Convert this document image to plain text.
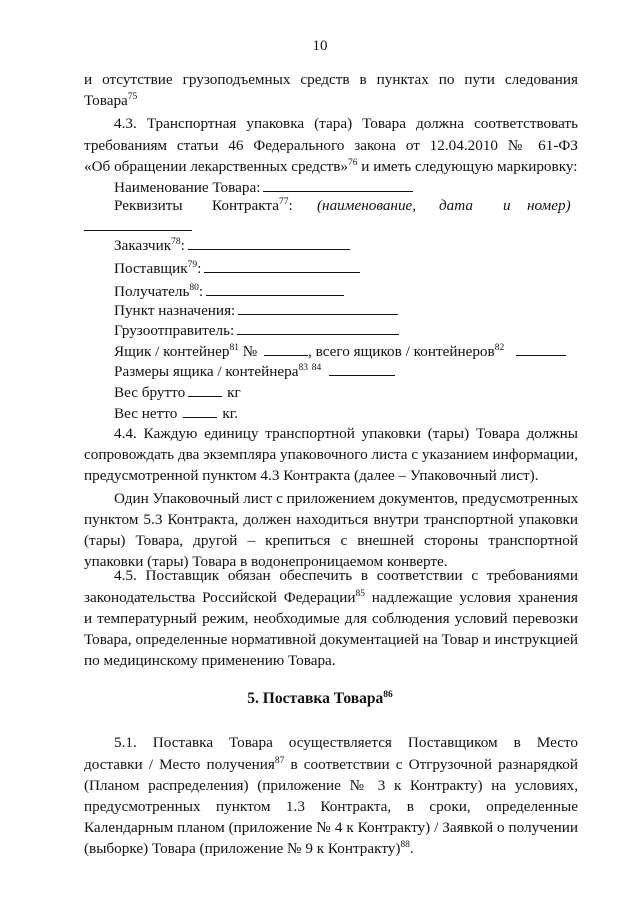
10
и отсутствие грузоподъемных средств в пунктах по пути следования
Товара$^{75}$
4.3. Транспортная упаковка (тара) Товара должна соответствовать
требованиям статьи 46 Федерального закона от 12.04.2010 № 61-ФЗ
«Об обращении лекарственных средств»$^{76}$ и иметь следующую маркировку:
Наименование Товара:
Реквизиты Контракта$^{77}$: (наименование, дата и номер)
Заказчик$^{78}$:
Поставщик$^{79}$:
Получатель$^{80}$:
Пункт назначения:
Грузоотправитель:
Ящик / контейнер$^{81}$ №	, всего ящиков / контейнеров$^{82}$
Размеры ящика / контейнера$^{83}$ $^{84}$
Вес брутто	кг
Вес нетто	кг.
4.4. Каждую единицу транспортной упаковки (тары) Товара должны
сопровождать два экземпляра упаковочного листа с указанием информации,
предусмотренной пунктом 4.3 Контракта (далее – Упаковочный лист).
Один Упаковочный лист с приложением документов, предусмотренных
пунктом 5.3 Контракта, должен находиться внутри транспортной упаковки
(тары) Товара, другой – крепиться с внешней стороны транспортной
упаковки (тары) Товара в водонепроницаемом конверте.
4.5. Поставщик обязан обеспечить в соответствии с требованиями
законодательства Российской Федерации$^{85}$ надлежащие условия хранения
и температурный режим, необходимые для соблюдения условий перевозки
Товара, определенные нормативной документацией на Товар и инструкцией
по медицинскому применению Товара.
5. Поставка Товара$^{86}$
5.1. Поставка Товара осуществляется Поставщиком в Место
доставки / Место получения$^{87}$ в соответствии с Отгрузочной разнарядкой
(Планом распределения) (приложение № 3 к Контракту) на условиях,
предусмотренных пунктом 1.3 Контракта, в сроки, определенные
Календарным планом (приложение № 4 к Контракту) / Заявкой о получении
(выборке) Товара (приложение № 9 к Контракту)$^{88}$.
